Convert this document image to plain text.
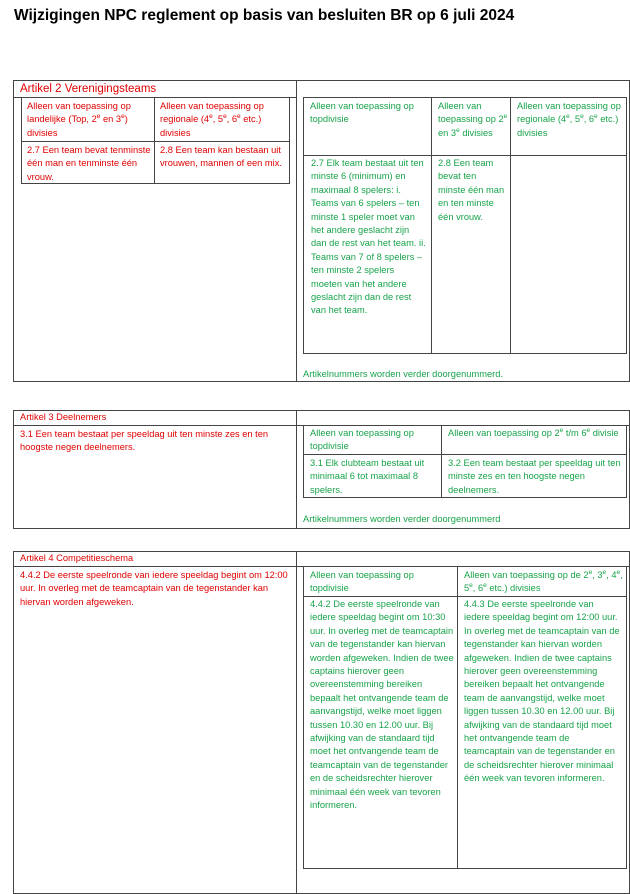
Wijzigingen NPC reglement op basis van besluiten BR op 6 juli 2024
Artikel 2 Verenigingsteams
Alleen van toepassing op landelijke (Top, 2e en 3e) divisies
Alleen van toepassing op regionale (4e, 5e, 6e etc.) divisies
2.7 Een team bevat tenminste één man en tenminste één vrouw.
2.8 Een team kan bestaan uit vrouwen, mannen of een mix.
Alleen van toepassing op topdivisie
Alleen van toepassing op 2e en 3e divisies
Alleen van toepassing op regionale (4e, 5e, 6e etc.) divisies
2.7 Elk team bestaat uit ten minste 6 (minimum) en maximaal 8 spelers: i. Teams van 6 spelers – ten minste 1 speler moet van het andere geslacht zijn dan de rest van het team. ii. Teams van 7 of 8 spelers – ten minste 2 spelers moeten van het andere geslacht zijn dan de rest van het team.
2.8 Een team bevat ten minste één man en ten minste één vrouw.
Artikelnummers worden verder doorgenummerd.
Artikel 3 Deelnemers
3.1 Een team bestaat per speeldag uit ten minste zes en ten hoogste negen deelnemers.
Alleen van toepassing op topdivisie
Alleen van toepassing op 2e t/m 6e divisie
3.1 Elk clubteam bestaat uit minimaal 6 tot maximaal 8 spelers.
3.2 Een team bestaat per speeldag uit ten minste zes en ten hoogste negen deelnemers.
Artikelnummers worden verder doorgenummerd
Artikel 4 Competitieschema
4.4.2 De eerste speelronde van iedere speeldag begint om 12:00 uur. In overleg met de teamcaptain van de tegenstander kan hiervan worden afgeweken.
Alleen van toepassing op topdivisie
Alleen van toepassing op de 2e, 3e, 4e, 5e, 6e etc.) divisies
4.4.2 De eerste speelronde van iedere speeldag begint om 10:30 uur. In overleg met de teamcaptain van de tegenstander kan hiervan worden afgeweken. Indien de twee captains hierover geen overeenstemming bereiken bepaalt het ontvangende team de aanvangstijd, welke moet liggen tussen 10.30 en 12.00 uur. Bij afwijking van de standaard tijd moet het ontvangende team de teamcaptain van de tegenstander en de scheidsrechter hierover minimaal één week van tevoren informeren.
4.4.3 De eerste speelronde van iedere speeldag begint om 12:00 uur. In overleg met de teamcaptain van de tegenstander kan hiervan worden afgeweken. Indien de twee captains hierover geen overeenstemming bereiken bepaalt het ontvangende team de aanvangstijd, welke moet liggen tussen 10.30 en 12.00 uur. Bij afwijking van de standaard tijd moet het ontvangende team de teamcaptain van de tegenstander en de scheidsrechter hierover minimaal één week van tevoren informeren.
